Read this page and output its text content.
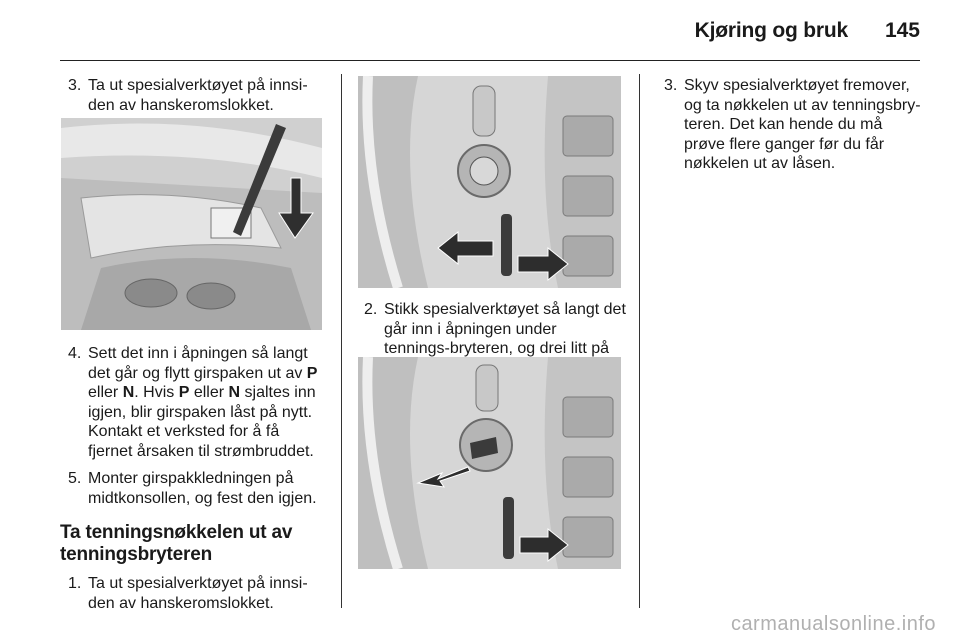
Kjøring og bruk 145
3. Ta ut spesialverktøyet på innsi-den av hanskeromslokket.
4. Sett det inn i åpningen så langt det går og flytt girspaken ut av P eller N. Hvis P eller N sjaltes inn igjen, blir girspaken låst på nytt. Kontakt et verksted for å få fjernet årsaken til strømbruddet.
5. Monter girspakkledningen på midtkonsollen, og fest den igjen.
Ta tenningsnøkkelen ut av tenningsbryteren
1. Ta ut spesialverktøyet på innsi-den av hanskeromslokket.
2. Stikk spesialverktøyet så langt det går inn i åpningen under tennings-bryteren, og drei litt på
3. Skyv spesialverktøyet fremover, og ta nøkkelen ut av tenningsbry-teren. Det kan hende du må prøve flere ganger før du får nøkkelen ut av låsen.
carmanualsonline.info
